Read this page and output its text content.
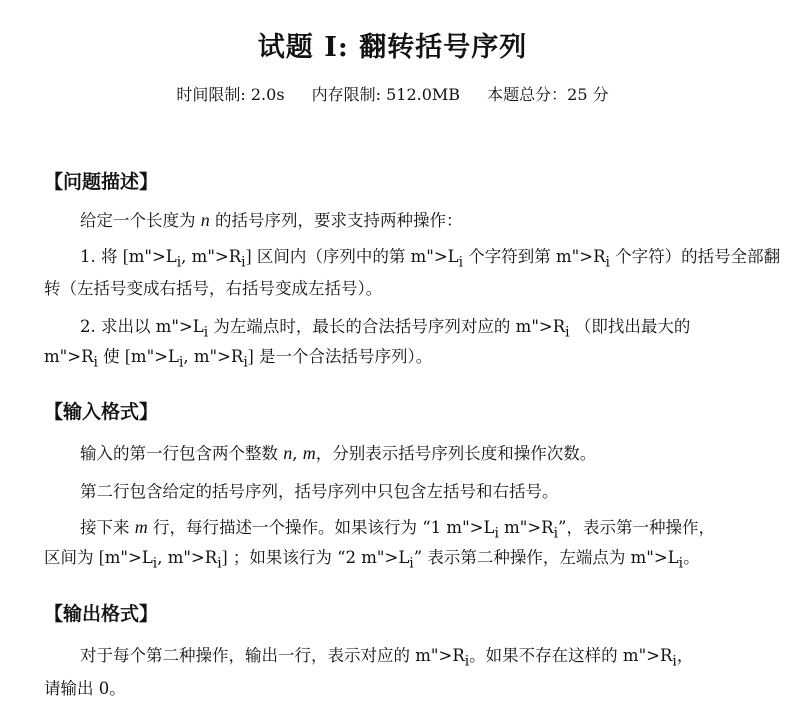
试题 I: 翻转括号序列
时间限制: 2.0s 内存限制: 512.0MB 本题总分：25 分
【问题描述】
给定一个长度为 n 的括号序列，要求支持两种操作：
1. 将 [$m">L_i$, $m">R_i$] 区间内（序列中的第 $m">L_i$ 个字符到第 $m">R_i$ 个字符）的括号全部翻
转（左括号变成右括号，右括号变成左括号）。
2. 求出以 $m">L_i$ 为左端点时，最长的合法括号序列对应的 $m">R_i$ （即找出最大的
$m">R_i$ 使 [$m">L_i$, $m">R_i$] 是一个合法括号序列）。
【输入格式】
输入的第一行包含两个整数 n, m，分别表示括号序列长度和操作次数。
第二行包含给定的括号序列，括号序列中只包含左括号和右括号。
接下来 m 行，每行描述一个操作。如果该行为 “1 $m">L_i$ $m">R_i$”，表示第一种操作，
区间为 [$m">L_i$, $m">R_i$] ；如果该行为 “2 $m">L_i$” 表示第二种操作，左端点为 $m">L_i$。
【输出格式】
对于每个第二种操作，输出一行，表示对应的 $m">R_i$。如果不存在这样的 $m">R_i$，
请输出 0。
